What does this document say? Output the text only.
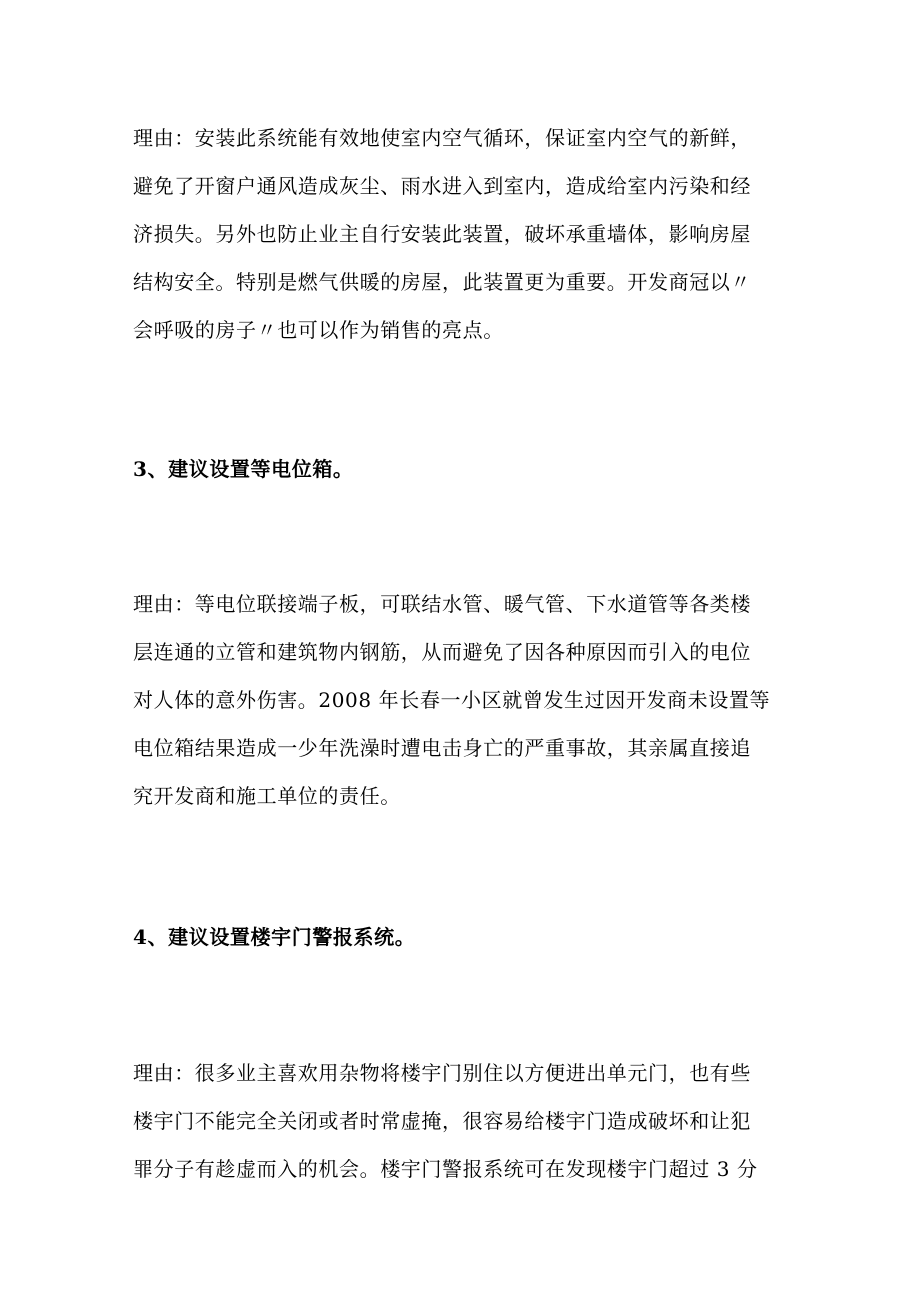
理由：安装此系统能有效地使室内空气循环，保证室内空气的新鲜，
避免了开窗户通风造成灰尘、雨水进入到室内，造成给室内污染和经
济损失。另外也防止业主自行安装此装置，破坏承重墙体，影响房屋
结构安全。特别是燃气供暖的房屋，此装置更为重要。开发商冠以〃
会呼吸的房子〃也可以作为销售的亮点。

3、建议设置等电位箱。

理由：等电位联接端子板，可联结水管、暖气管、下水道管等各类楼
层连通的立管和建筑物内钢筋，从而避免了因各种原因而引入的电位
对人体的意外伤害。2008 年长春一小区就曾发生过因开发商未设置等
电位箱结果造成一少年洗澡时遭电击身亡的严重事故，其亲属直接追
究开发商和施工单位的责任。

4、建议设置楼宇门警报系统。

理由：很多业主喜欢用杂物将楼宇门别住以方便进出单元门，也有些
楼宇门不能完全关闭或者时常虚掩，很容易给楼宇门造成破坏和让犯
罪分子有趁虚而入的机会。楼宇门警报系统可在发现楼宇门超过 3 分
